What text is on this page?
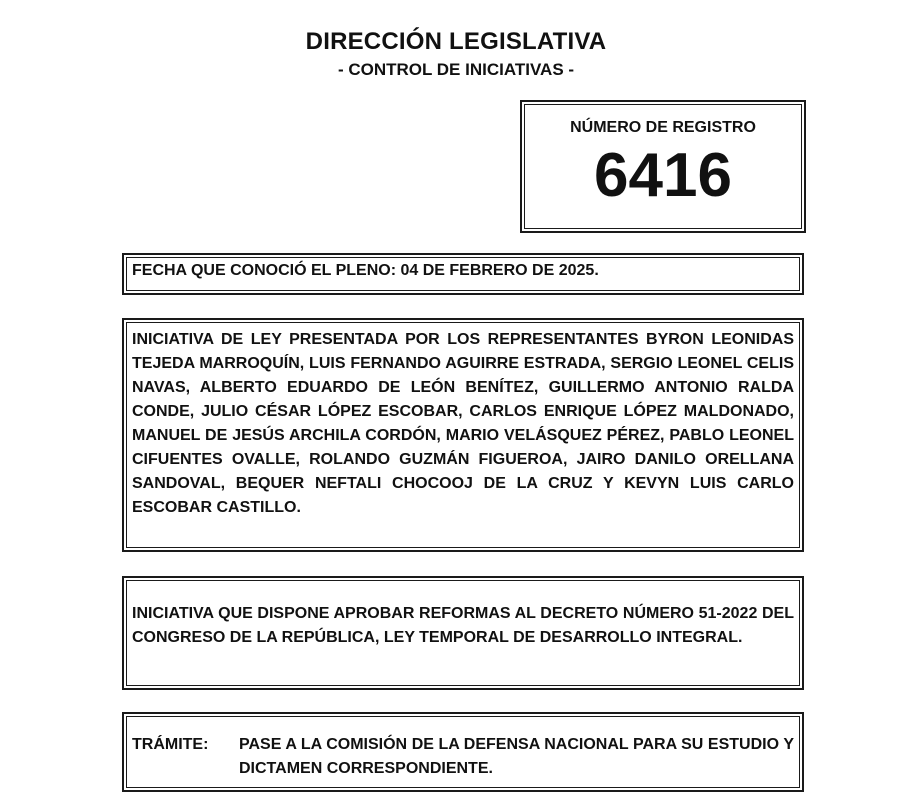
DIRECCIÓN LEGISLATIVA
- CONTROL DE INICIATIVAS -
NÚMERO DE REGISTRO
6416
FECHA QUE CONOCIÓ EL PLENO: 04 DE FEBRERO DE 2025.
INICIATIVA DE LEY PRESENTADA POR LOS REPRESENTANTES BYRON LEONIDAS TEJEDA MARROQUÍN, LUIS FERNANDO AGUIRRE ESTRADA, SERGIO LEONEL CELIS NAVAS, ALBERTO EDUARDO DE LEÓN BENÍTEZ, GUILLERMO ANTONIO RALDA CONDE, JULIO CÉSAR LÓPEZ ESCOBAR, CARLOS ENRIQUE LÓPEZ MALDONADO, MANUEL DE JESÚS ARCHILA CORDÓN, MARIO VELÁSQUEZ PÉREZ, PABLO LEONEL CIFUENTES OVALLE, ROLANDO GUZMÁN FIGUEROA, JAIRO DANILO ORELLANA SANDOVAL, BEQUER NEFTALI CHOCOOJ DE LA CRUZ Y KEVYN LUIS CARLO ESCOBAR CASTILLO.
INICIATIVA QUE DISPONE APROBAR REFORMAS AL DECRETO NÚMERO 51-2022 DEL CONGRESO DE LA REPÚBLICA, LEY TEMPORAL DE DESARROLLO INTEGRAL.
TRÁMITE: PASE A LA COMISIÓN DE LA DEFENSA NACIONAL PARA SU ESTUDIO Y DICTAMEN CORRESPONDIENTE.
